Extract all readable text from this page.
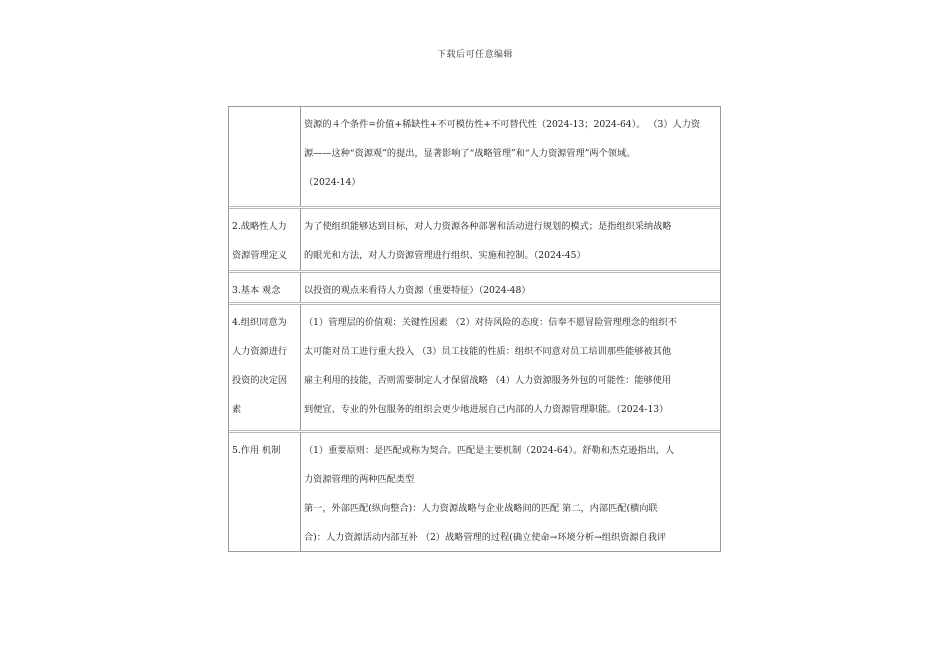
下载后可任意编辑
资源的４个条件=价值+稀缺性+不可模仿性+不可替代性（2024-13；2024-64）。 （3）人力资
源——这种“资源观”的提出，显著影响了“战略管理”和“人力资源管理”两个领域。
（2024-14）
2.战略性人力
资源管理定义
为了使组织能够达到目标，对人力资源各种部署和活动进行规划的模式；是指组织采纳战略
的眼光和方法，对人力资源管理进行组织、实施和控制。（2024-45）
3.基本 观念	以投资的观点来看待人力资源（重要特征）（2024-48）
4.组织同意为
人力资源进行
投资的决定因
素
（1）管理层的价值观：关键性因素 （2）对待风险的态度：信奉不愿冒险管理理念的组织不
太可能对员工进行重大投入 （3）员工技能的性质：组织不同意对员工培训那些能够被其他
雇主利用的技能，否则需要制定人才保留战略 （4）人力资源服务外包的可能性：能够使用
到便宜、专业的外包服务的组织会更少地进展自己内部的人力资源管理职能。（2024-13）
5.作用 机制	（1）重要原则：是匹配或称为契合。匹配是主要机制（2024-64）。舒勒和杰克逊指出，人
力资源管理的两种匹配类型
第一，外部匹配(纵向整合)：人力资源战略与企业战略间的匹配 第二，内部匹配(横向联
合)：人力资源活动内部互补 （2）战略管理的过程(确立使命→环境分析→组织资源自我评
